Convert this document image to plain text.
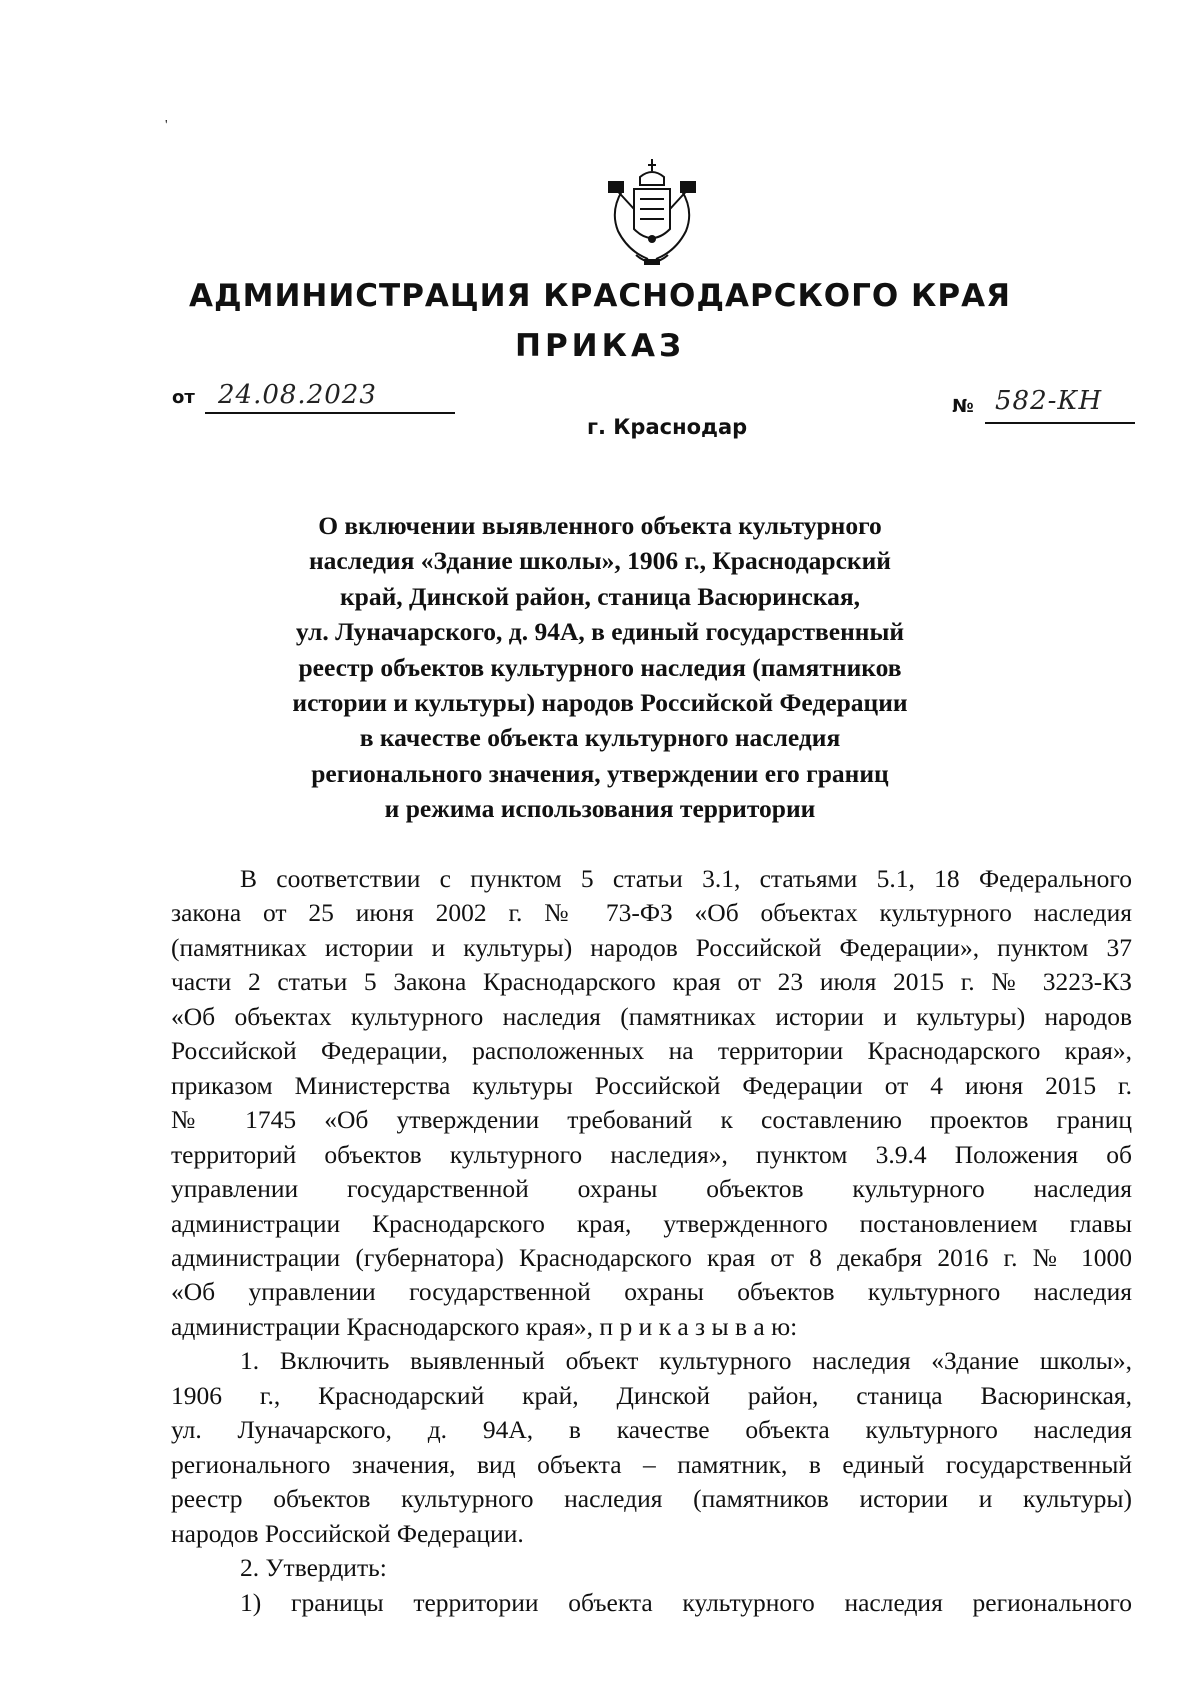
'
АДМИНИСТРАЦИЯ КРАСНОДАРСКОГО КРАЯ
ПРИКАЗ
от 24.08.2023	№ 582-КН
г. Краснодар
О включении выявленного объекта культурного
наследия «Здание школы», 1906 г., Краснодарский
край, Динской район, станица Васюринская,
ул. Луначарского, д. 94А, в единый государственный
реестр объектов культурного наследия (памятников
истории и культуры) народов Российской Федерации
в качестве объекта культурного наследия
регионального значения, утверждении его границ
и режима использования территории
В соответствии с пунктом 5 статьи 3.1, статьями 5.1, 18 Федерального
закона от 25 июня 2002 г. № 73-ФЗ «Об объектах культурного наследия
(памятниках истории и культуры) народов Российской Федерации», пунктом 37
части 2 статьи 5 Закона Краснодарского края от 23 июля 2015 г. № 3223-КЗ
«Об объектах культурного наследия (памятниках истории и культуры) народов
Российской Федерации, расположенных на территории Краснодарского края»,
приказом Министерства культуры Российской Федерации от 4 июня 2015 г.
№ 1745 «Об утверждении требований к составлению проектов границ
территорий объектов культурного наследия», пунктом 3.9.4 Положения об
управлении государственной охраны объектов культурного наследия
администрации Краснодарского края, утвержденного постановлением главы
администрации (губернатора) Краснодарского края от 8 декабря 2016 г. № 1000
«Об управлении государственной охраны объектов культурного наследия
администрации Краснодарского края», п р и к а з ы в а ю:
1. Включить выявленный объект культурного наследия «Здание школы»,
1906 г., Краснодарский край, Динской район, станица Васюринская,
ул. Луначарского, д. 94А, в качестве объекта культурного наследия
регионального значения, вид объекта – памятник, в единый государственный
реестр объектов культурного наследия (памятников истории и культуры)
народов Российской Федерации.
2. Утвердить:
1) границы территории объекта культурного наследия регионального
